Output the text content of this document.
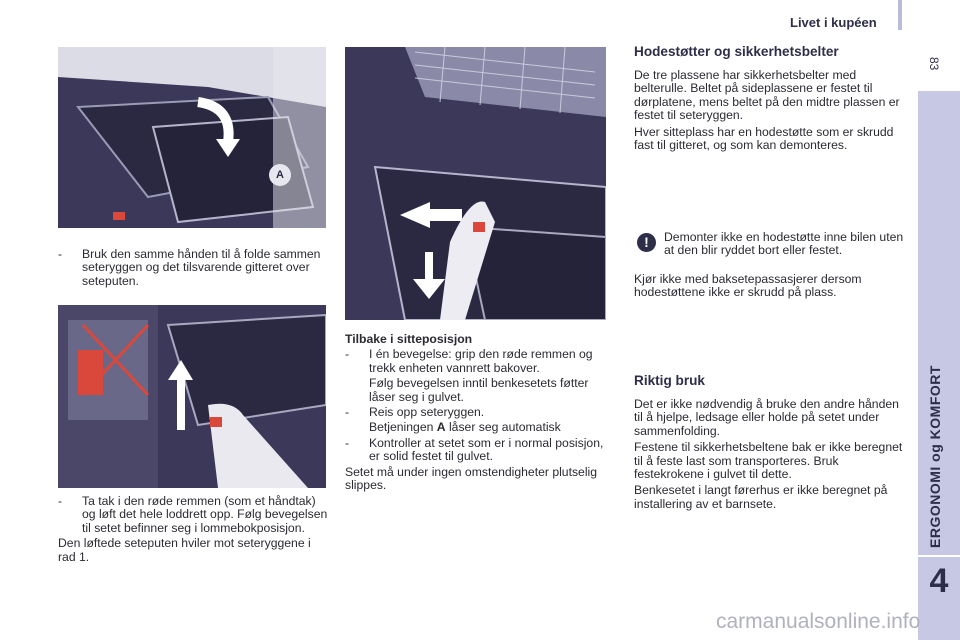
Livet i kupéen
83
ERGONOMI og KOMFORT
4
A
- Bruk den samme hånden til å folde sammen seteryggen og det tilsvarende gitteret over seteputen.
- Ta tak i den røde remmen (som et håndtak) og løft det hele loddrett opp. Følg bevegelsen til setet befinner seg i lommebokposisjon.

Den løftede seteputen hviler mot seteryggene i rad 1.

Tilbake i sitteposisjon
- I én bevegelse: grip den røde remmen og trekk enheten vannrett bakover.
Følg bevegelsen inntil benkesetets føtter låser seg i gulvet.
- Reis opp seteryggen.
Betjeningen A låser seg automatisk
- Kontroller at setet som er i normal posisjon, er solid festet til gulvet.

Setet må under ingen omstendigheter plutselig slippes.

Hodestøtter og sikkerhetsbelter

De tre plassene har sikkerhetsbelter med belterulle. Beltet på sideplassene er festet til dørplatene, mens beltet på den midtre plassen er festet til seteryggen.

Hver sitteplass har en hodestøtte som er skrudd fast til gitteret, og som kan demonteres.

!	Demonter ikke en hodestøtte inne bilen uten at den blir ryddet bort eller festet.
Kjør ikke med baksetepassasjerer dersom hodestøttene ikke er skrudd på plass.
Riktig bruk

Det er ikke nødvendig å bruke den andre hånden til å hjelpe, ledsage eller holde på setet under sammenfolding.

Festene til sikkerhetsbeltene bak er ikke beregnet til å feste last som transporteres. Bruk festekrokene i gulvet til dette.

Benkesetet i langt førerhus er ikke beregnet på installering av et barnsete.

carmanualsonline.info
